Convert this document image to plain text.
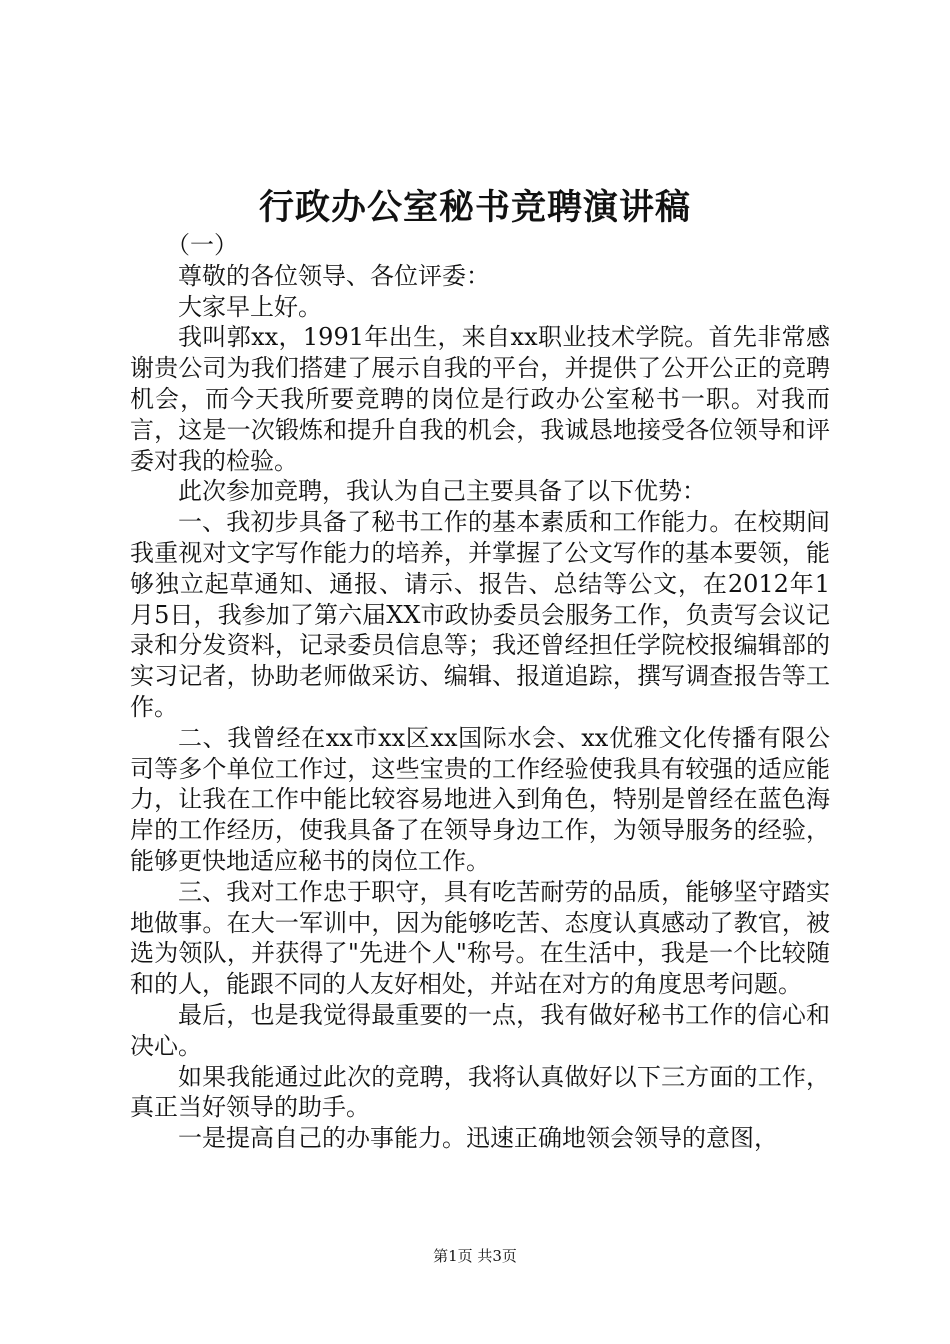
行政办公室秘书竞聘演讲稿

（一）

尊敬的各位领导、各位评委：

大家早上好。

我叫郭xx，1991年出生，来自xx职业技术学院。首先非常感谢贵公司为我们搭建了展示自我的平台，并提供了公开公正的竞聘机会，而今天我所要竞聘的岗位是行政办公室秘书一职。对我而言，这是一次锻炼和提升自我的机会，我诚恳地接受各位领导和评委对我的检验。

此次参加竞聘，我认为自己主要具备了以下优势：

一、我初步具备了秘书工作的基本素质和工作能力。在校期间我重视对文字写作能力的培养，并掌握了公文写作的基本要领，能够独立起草通知、通报、请示、报告、总结等公文，在2012年1月5日，我参加了第六届XX市政协委员会服务工作，负责写会议记录和分发资料，记录委员信息等；我还曾经担任学院校报编辑部的实习记者，协助老师做采访、编辑、报道追踪，撰写调查报告等工作。

二、我曾经在xx市xx区xx国际水会、xx优雅文化传播有限公司等多个单位工作过，这些宝贵的工作经验使我具有较强的适应能力，让我在工作中能比较容易地进入到角色，特别是曾经在蓝色海岸的工作经历，使我具备了在领导身边工作，为领导服务的经验，能够更快地适应秘书的岗位工作。

三、我对工作忠于职守，具有吃苦耐劳的品质，能够坚守踏实地做事。在大一军训中，因为能够吃苦、态度认真感动了教官，被选为领队，并获得了"先进个人"称号。在生活中，我是一个比较随和的人，能跟不同的人友好相处，并站在对方的角度思考问题。

最后，也是我觉得最重要的一点，我有做好秘书工作的信心和决心。

如果我能通过此次的竞聘，我将认真做好以下三方面的工作，真正当好领导的助手。

一是提高自己的办事能力。迅速正确地领会领导的意图，

第1页 共3页
